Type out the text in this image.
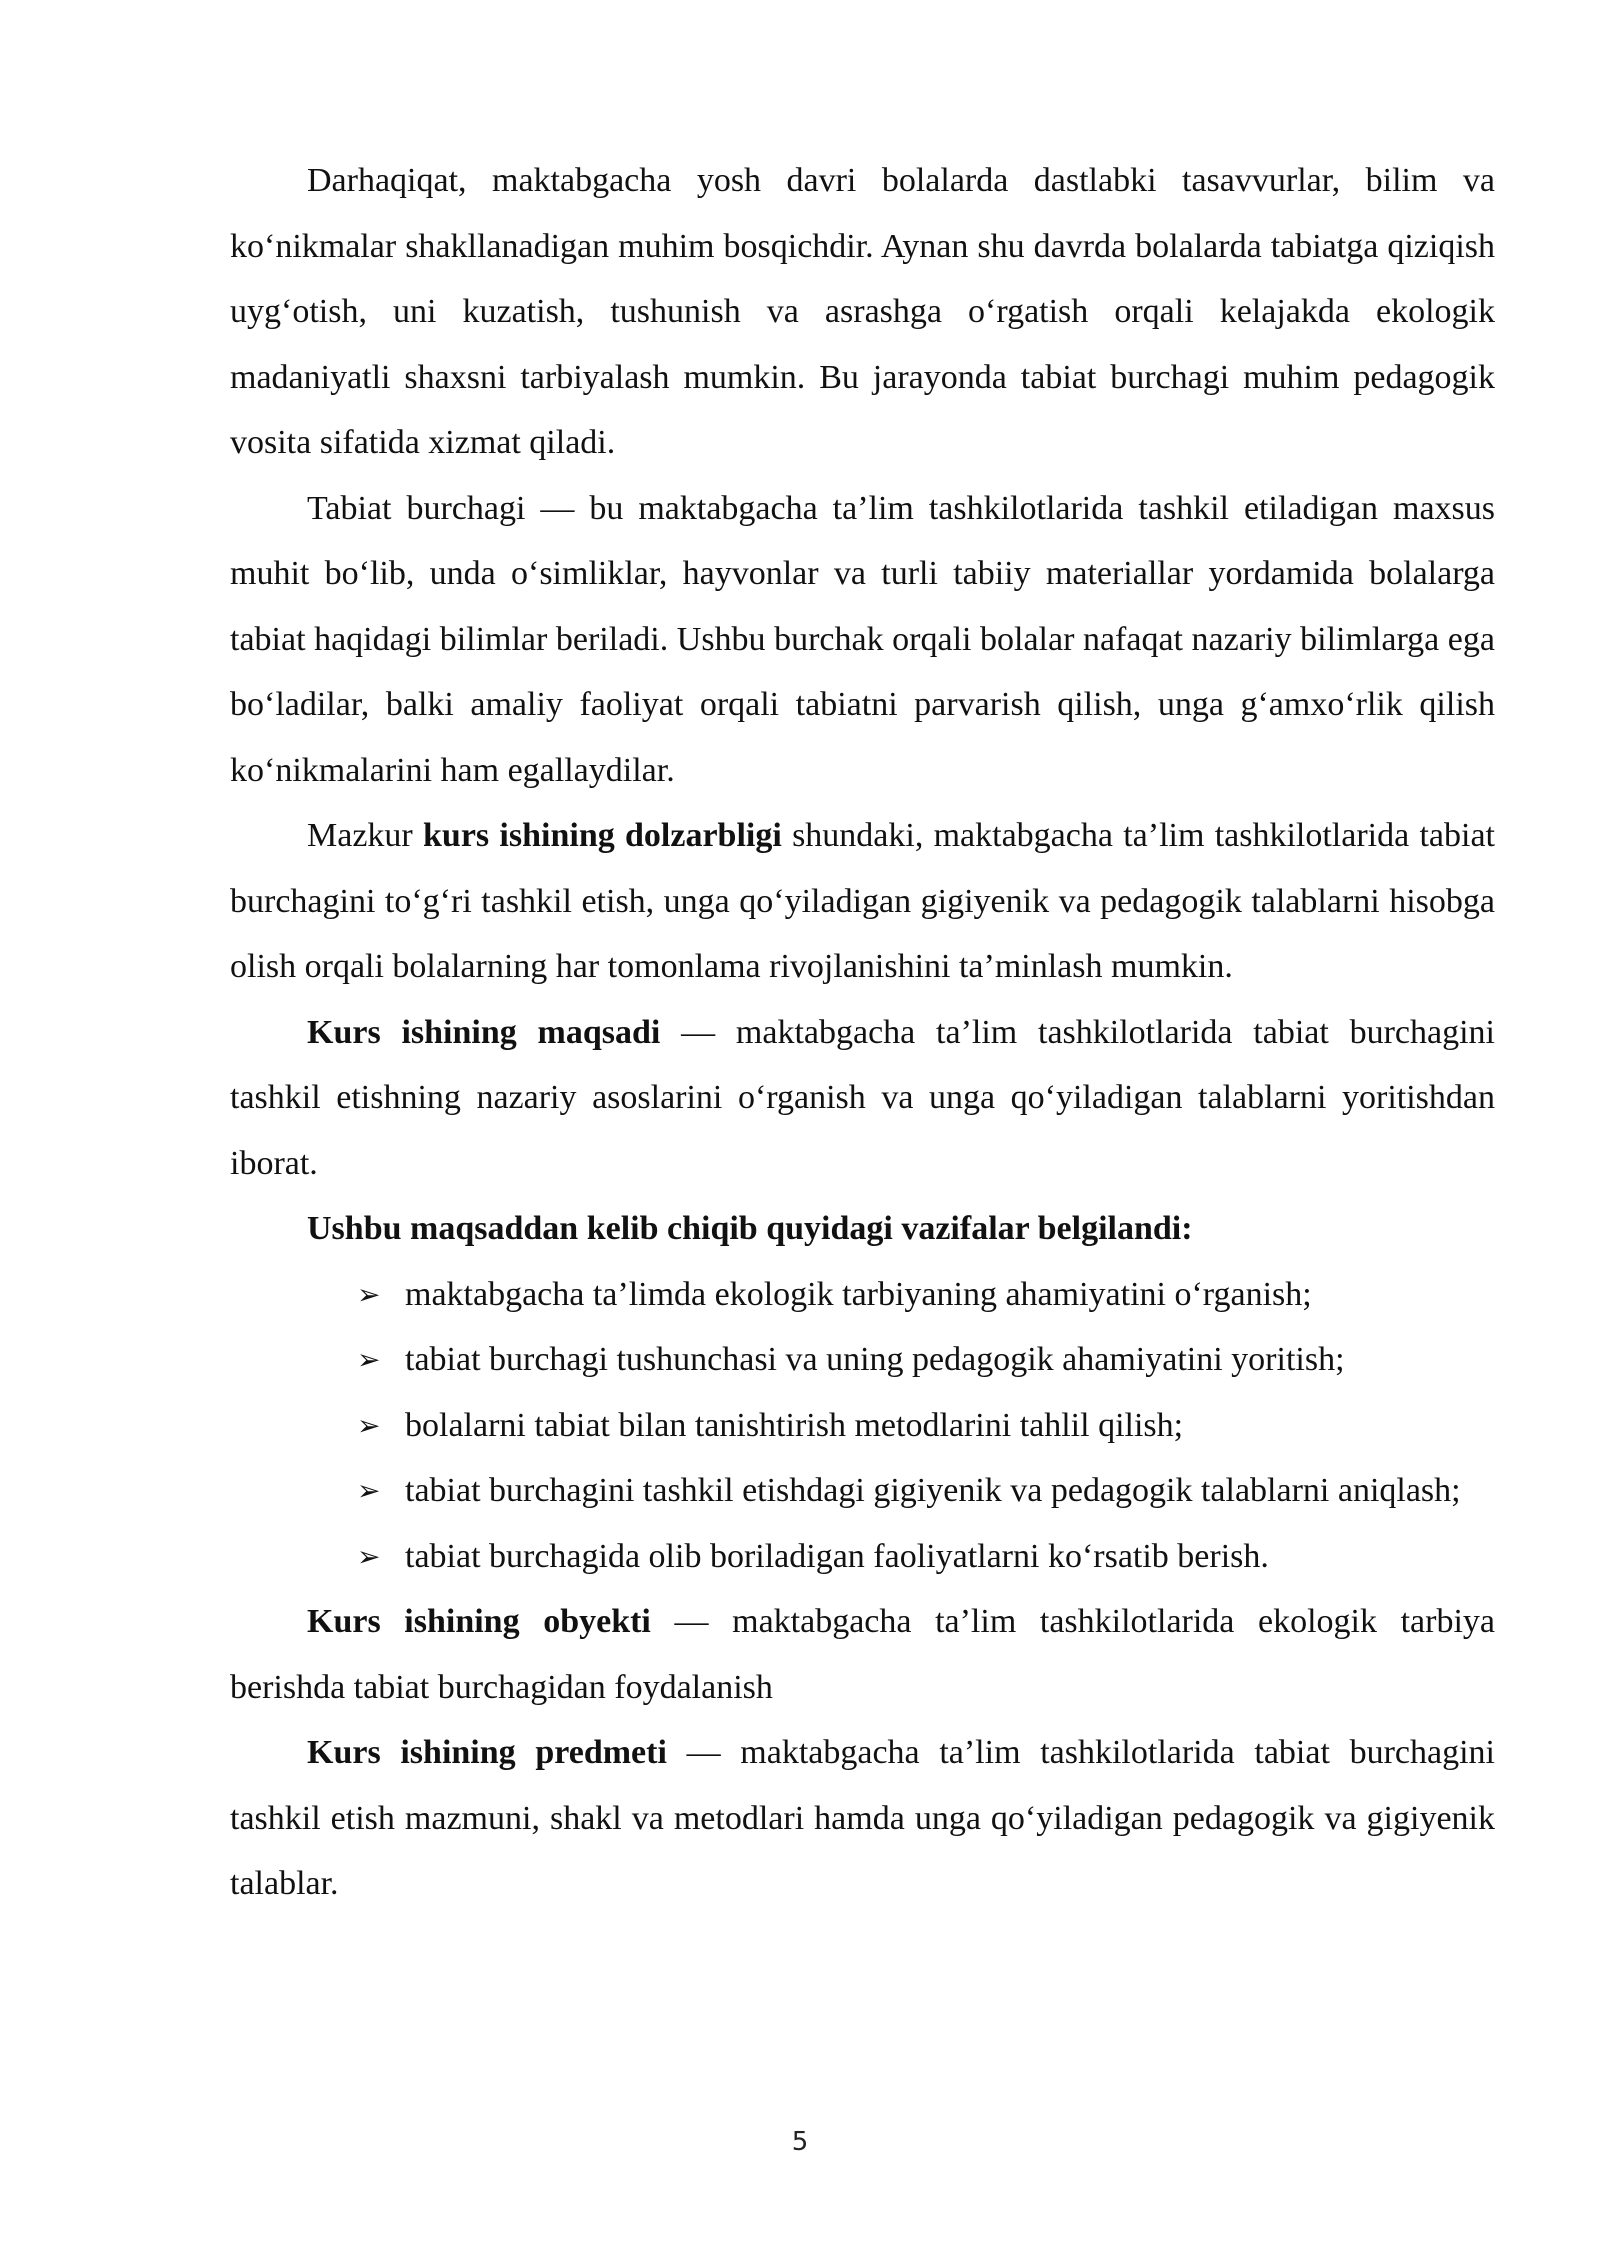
Darhaqiqat, maktabgacha yosh davri bolalarda dastlabki tasavvurlar, bilim va ko‘nikmalar shakllanadigan muhim bosqichdir. Aynan shu davrda bolalarda tabiatga qiziqish uyg‘otish, uni kuzatish, tushunish va asrashga o‘rgatish orqali kelajakda ekologik madaniyatli shaxsni tarbiyalash mumkin. Bu jarayonda tabiat burchagi muhim pedagogik vosita sifatida xizmat qiladi.

Tabiat burchagi — bu maktabgacha ta’lim tashkilotlarida tashkil etiladigan maxsus muhit bo‘lib, unda o‘simliklar, hayvonlar va turli tabiiy materiallar yordamida bolalarga tabiat haqidagi bilimlar beriladi. Ushbu burchak orqali bolalar nafaqat nazariy bilimlarga ega bo‘ladilar, balki amaliy faoliyat orqali tabiatni parvarish qilish, unga g‘amxo‘rlik qilish ko‘nikmalarini ham egallaydilar.

Mazkur kurs ishining dolzarbligi shundaki, maktabgacha ta’lim tashkilotlarida tabiat burchagini to‘g‘ri tashkil etish, unga qo‘yiladigan gigiyenik va pedagogik talablarni hisobga olish orqali bolalarning har tomonlama rivojlanishini ta’minlash mumkin.

Kurs ishining maqsadi — maktabgacha ta’lim tashkilotlarida tabiat burchagini tashkil etishning nazariy asoslarini o‘rganish va unga qo‘yiladigan talablarni yoritishdan iborat.

Ushbu maqsaddan kelib chiqib quyidagi vazifalar belgilandi:

➢ maktabgacha ta’limda ekologik tarbiyaning ahamiyatini o‘rganish;
➢ tabiat burchagi tushunchasi va uning pedagogik ahamiyatini yoritish;
➢ bolalarni tabiat bilan tanishtirish metodlarini tahlil qilish;
➢ tabiat burchagini tashkil etishdagi gigiyenik va pedagogik talablarni aniqlash;
➢ tabiat burchagida olib boriladigan faoliyatlarni ko‘rsatib berish.

Kurs ishining obyekti — maktabgacha ta’lim tashkilotlarida ekologik tarbiya berishda tabiat burchagidan foydalanish

Kurs ishining predmeti — maktabgacha ta’lim tashkilotlarida tabiat burchagini tashkil etish mazmuni, shakl va metodlari hamda unga qo‘yiladigan pedagogik va gigiyenik talablar.

5
